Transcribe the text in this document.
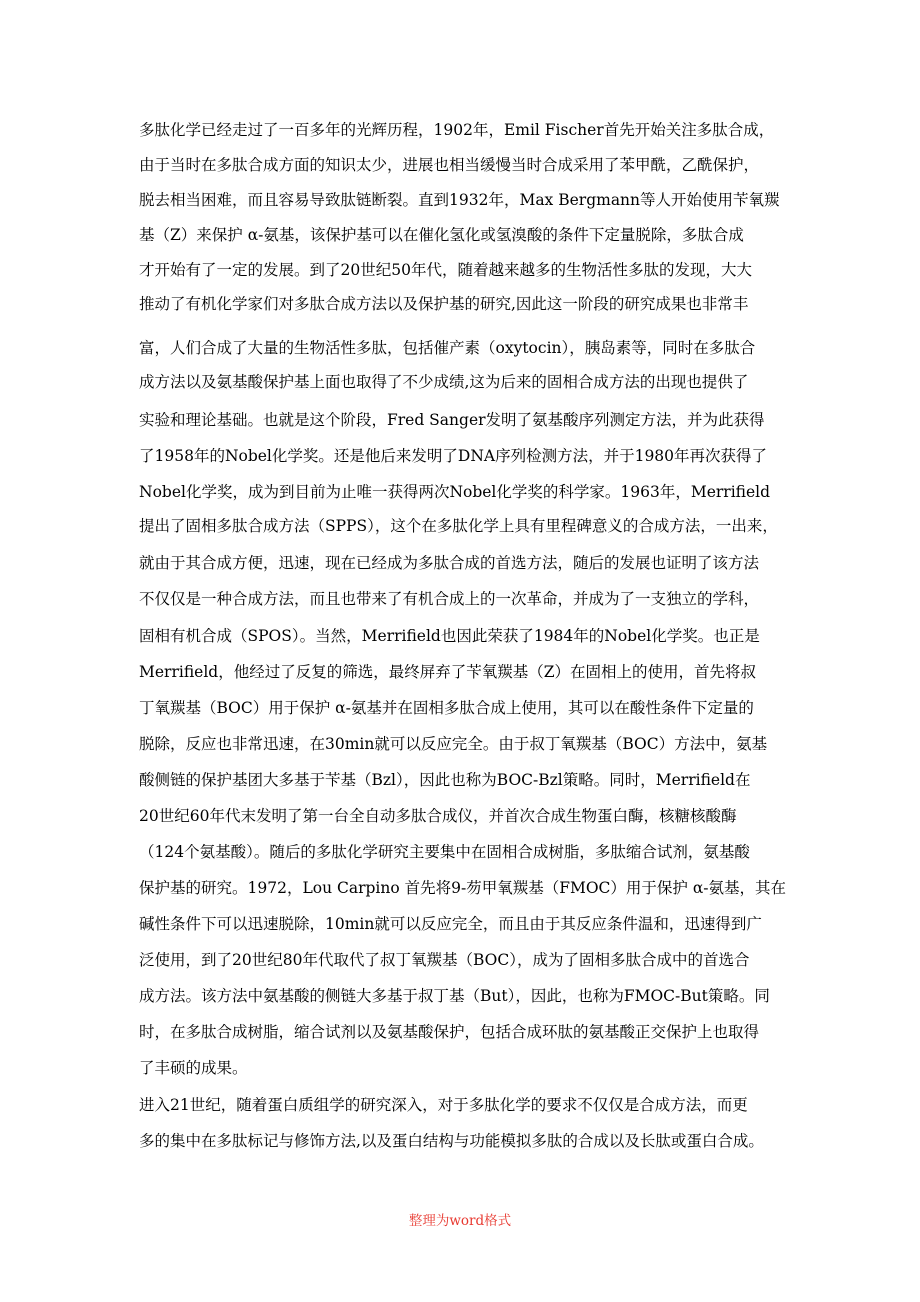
多肽化学已经走过了一百多年的光辉历程，1902年，Emil Fischer首先开始关注多肽合成，
由于当时在多肽合成方面的知识太少，进展也相当缓慢当时合成采用了苯甲酰，乙酰保护，
脱去相当困难，而且容易导致肽链断裂。直到1932年，Max Bergmann等人开始使用苄氧羰
基（Z）来保护 α-氨基，该保护基可以在催化氢化或氢溴酸的条件下定量脱除，多肽合成
才开始有了一定的发展。到了20世纪50年代，随着越来越多的生物活性多肽的发现，大大
推动了有机化学家们对多肽合成方法以及保护基的研究,因此这一阶段的研究成果也非常丰
富，人们合成了大量的生物活性多肽，包括催产素（oxytocin），胰岛素等，同时在多肽合
成方法以及氨基酸保护基上面也取得了不少成绩,这为后来的固相合成方法的出现也提供了
实验和理论基础。也就是这个阶段，Fred Sanger发明了氨基酸序列测定方法，并为此获得
了1958年的Nobel化学奖。还是他后来发明了DNA序列检测方法，并于1980年再次获得了
Nobel化学奖，成为到目前为止唯一获得两次Nobel化学奖的科学家。1963年，Merrifield
提出了固相多肽合成方法（SPPS），这个在多肽化学上具有里程碑意义的合成方法，一出来，
就由于其合成方便，迅速，现在已经成为多肽合成的首选方法，随后的发展也证明了该方法
不仅仅是一种合成方法，而且也带来了有机合成上的一次革命，并成为了一支独立的学科，
固相有机合成（SPOS）。当然，Merrifield也因此荣获了1984年的Nobel化学奖。也正是
Merrifield，他经过了反复的筛选，最终屏弃了苄氧羰基（Z）在固相上的使用，首先将叔
丁氧羰基（BOC）用于保护 α-氨基并在固相多肽合成上使用，其可以在酸性条件下定量的
脱除，反应也非常迅速，在30min就可以反应完全。由于叔丁氧羰基（BOC）方法中，氨基
酸侧链的保护基团大多基于苄基（Bzl），因此也称为BOC-Bzl策略。同时，Merrifield在
20世纪60年代末发明了第一台全自动多肽合成仪，并首次合成生物蛋白酶，核糖核酸酶
（124个氨基酸）。随后的多肽化学研究主要集中在固相合成树脂，多肽缩合试剂，氨基酸
保护基的研究。1972，Lou Carpino 首先将9-芴甲氧羰基（FMOC）用于保护 α-氨基，其在
碱性条件下可以迅速脱除，10min就可以反应完全，而且由于其反应条件温和，迅速得到广
泛使用，到了20世纪80年代取代了叔丁氧羰基（BOC），成为了固相多肽合成中的首选合
成方法。该方法中氨基酸的侧链大多基于叔丁基（But），因此，也称为FMOC-But策略。同
时，在多肽合成树脂，缩合试剂以及氨基酸保护，包括合成环肽的氨基酸正交保护上也取得
了丰硕的成果。
进入21世纪，随着蛋白质组学的研究深入，对于多肽化学的要求不仅仅是合成方法，而更
多的集中在多肽标记与修饰方法,以及蛋白结构与功能模拟多肽的合成以及长肽或蛋白合成。
整理为word格式
